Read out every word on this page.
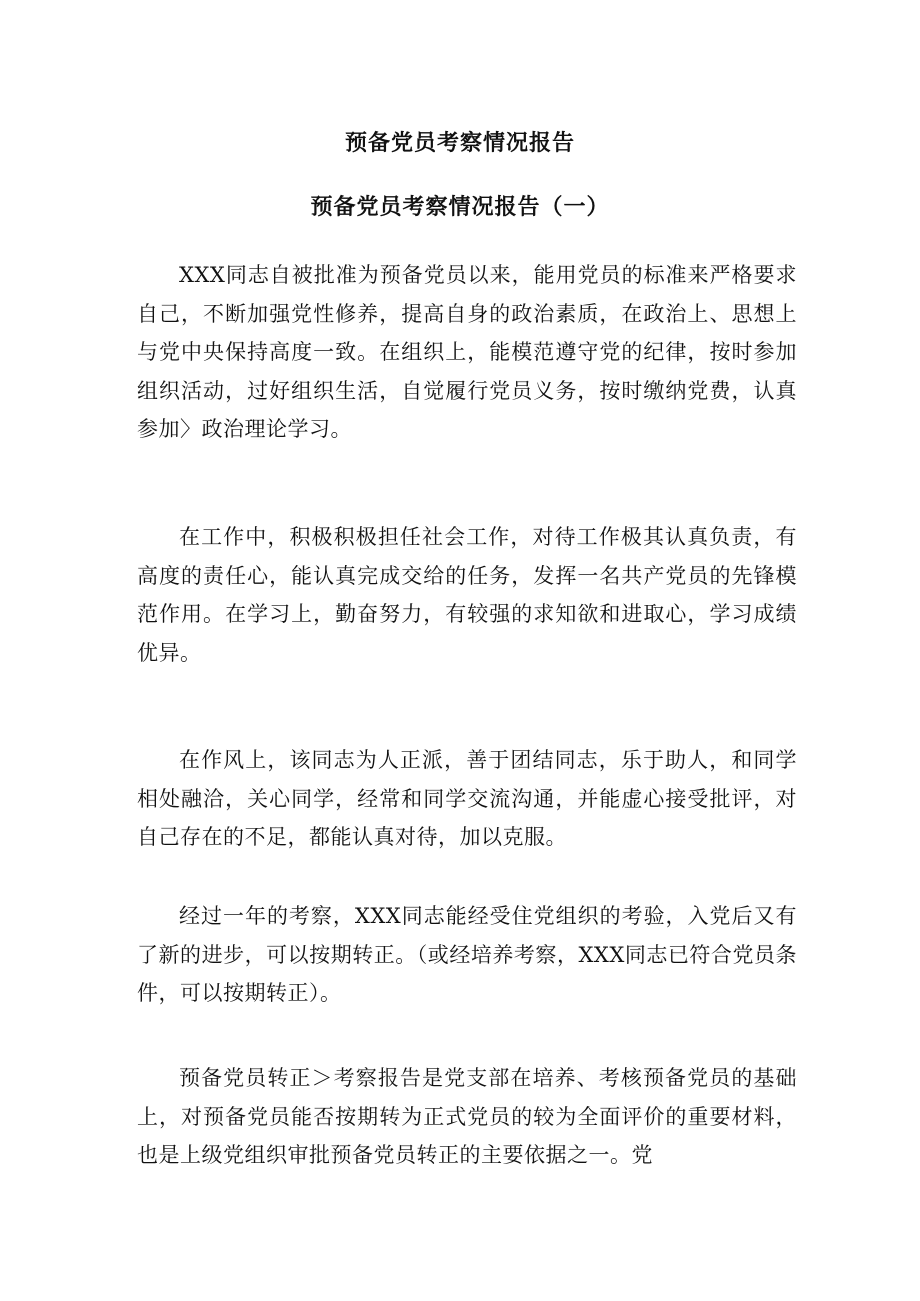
预备党员考察情况报告
预备党员考察情况报告（一）
XXX同志自被批准为预备党员以来，能用党员的标准来严格要求自己，不断加强党性修养，提高自身的政治素质，在政治上、思想上与党中央保持高度一致。在组织上，能模范遵守党的纪律，按时参加组织活动，过好组织生活，自觉履行党员义务，按时缴纳党费，认真参加〉政治理论学习。
在工作中，积极积极担任社会工作，对待工作极其认真负责，有高度的责任心，能认真完成交给的任务，发挥一名共产党员的先锋模范作用。在学习上，勤奋努力，有较强的求知欲和进取心，学习成绩优异。
在作风上，该同志为人正派，善于团结同志，乐于助人，和同学相处融洽，关心同学，经常和同学交流沟通，并能虚心接受批评，对自己存在的不足，都能认真对待，加以克服。
经过一年的考察，XXX同志能经受住党组织的考验，入党后又有了新的进步，可以按期转正。（或经培养考察，XXX同志已符合党员条件，可以按期转正）。
预备党员转正＞考察报告是党支部在培养、考核预备党员的基础上，对预备党员能否按期转为正式党员的较为全面评价的重要材料，也是上级党组织审批预备党员转正的主要依据之一。党
